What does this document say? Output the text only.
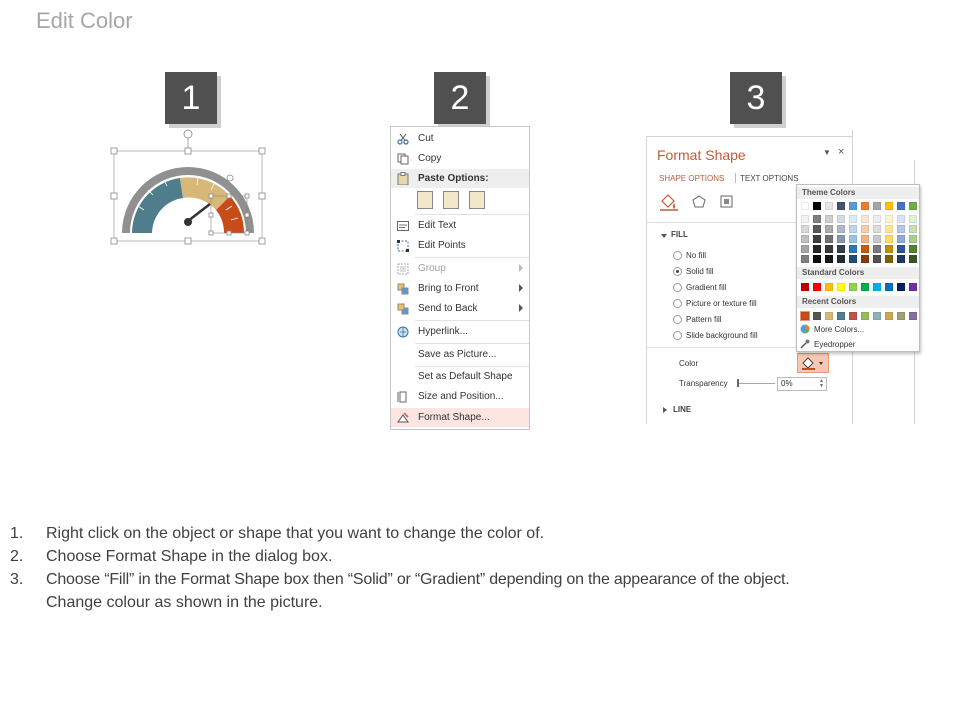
Edit Color
1	2	3
Cut
Copy
Paste Options:
Edit Text
Edit Points
Group
Bring to Front
Send to Back
Hyperlink...
Save as Picture...
Set as Default Shape
Size and Position...
Format Shape...
Format Shape	▼ ×
SHAPE OPTIONS TEXT OPTIONS
FILL
No fill
Solid fill
Gradient fill
Picture or texture fill
Pattern fill
Slide background fill
Color
Transparency	0%	▲
▼
LINE
Theme Colors
Standard Colors
Recent Colors
More Colors...
Eyedropper
1.	Right click on the object or shape that you want to change the color of.
2.	Choose Format Shape in the dialog box.
3.	Choose “Fill” in the Format Shape box then “Solid” or “Gradient” depending on the appearance of the object.
Change colour as shown in the picture.
